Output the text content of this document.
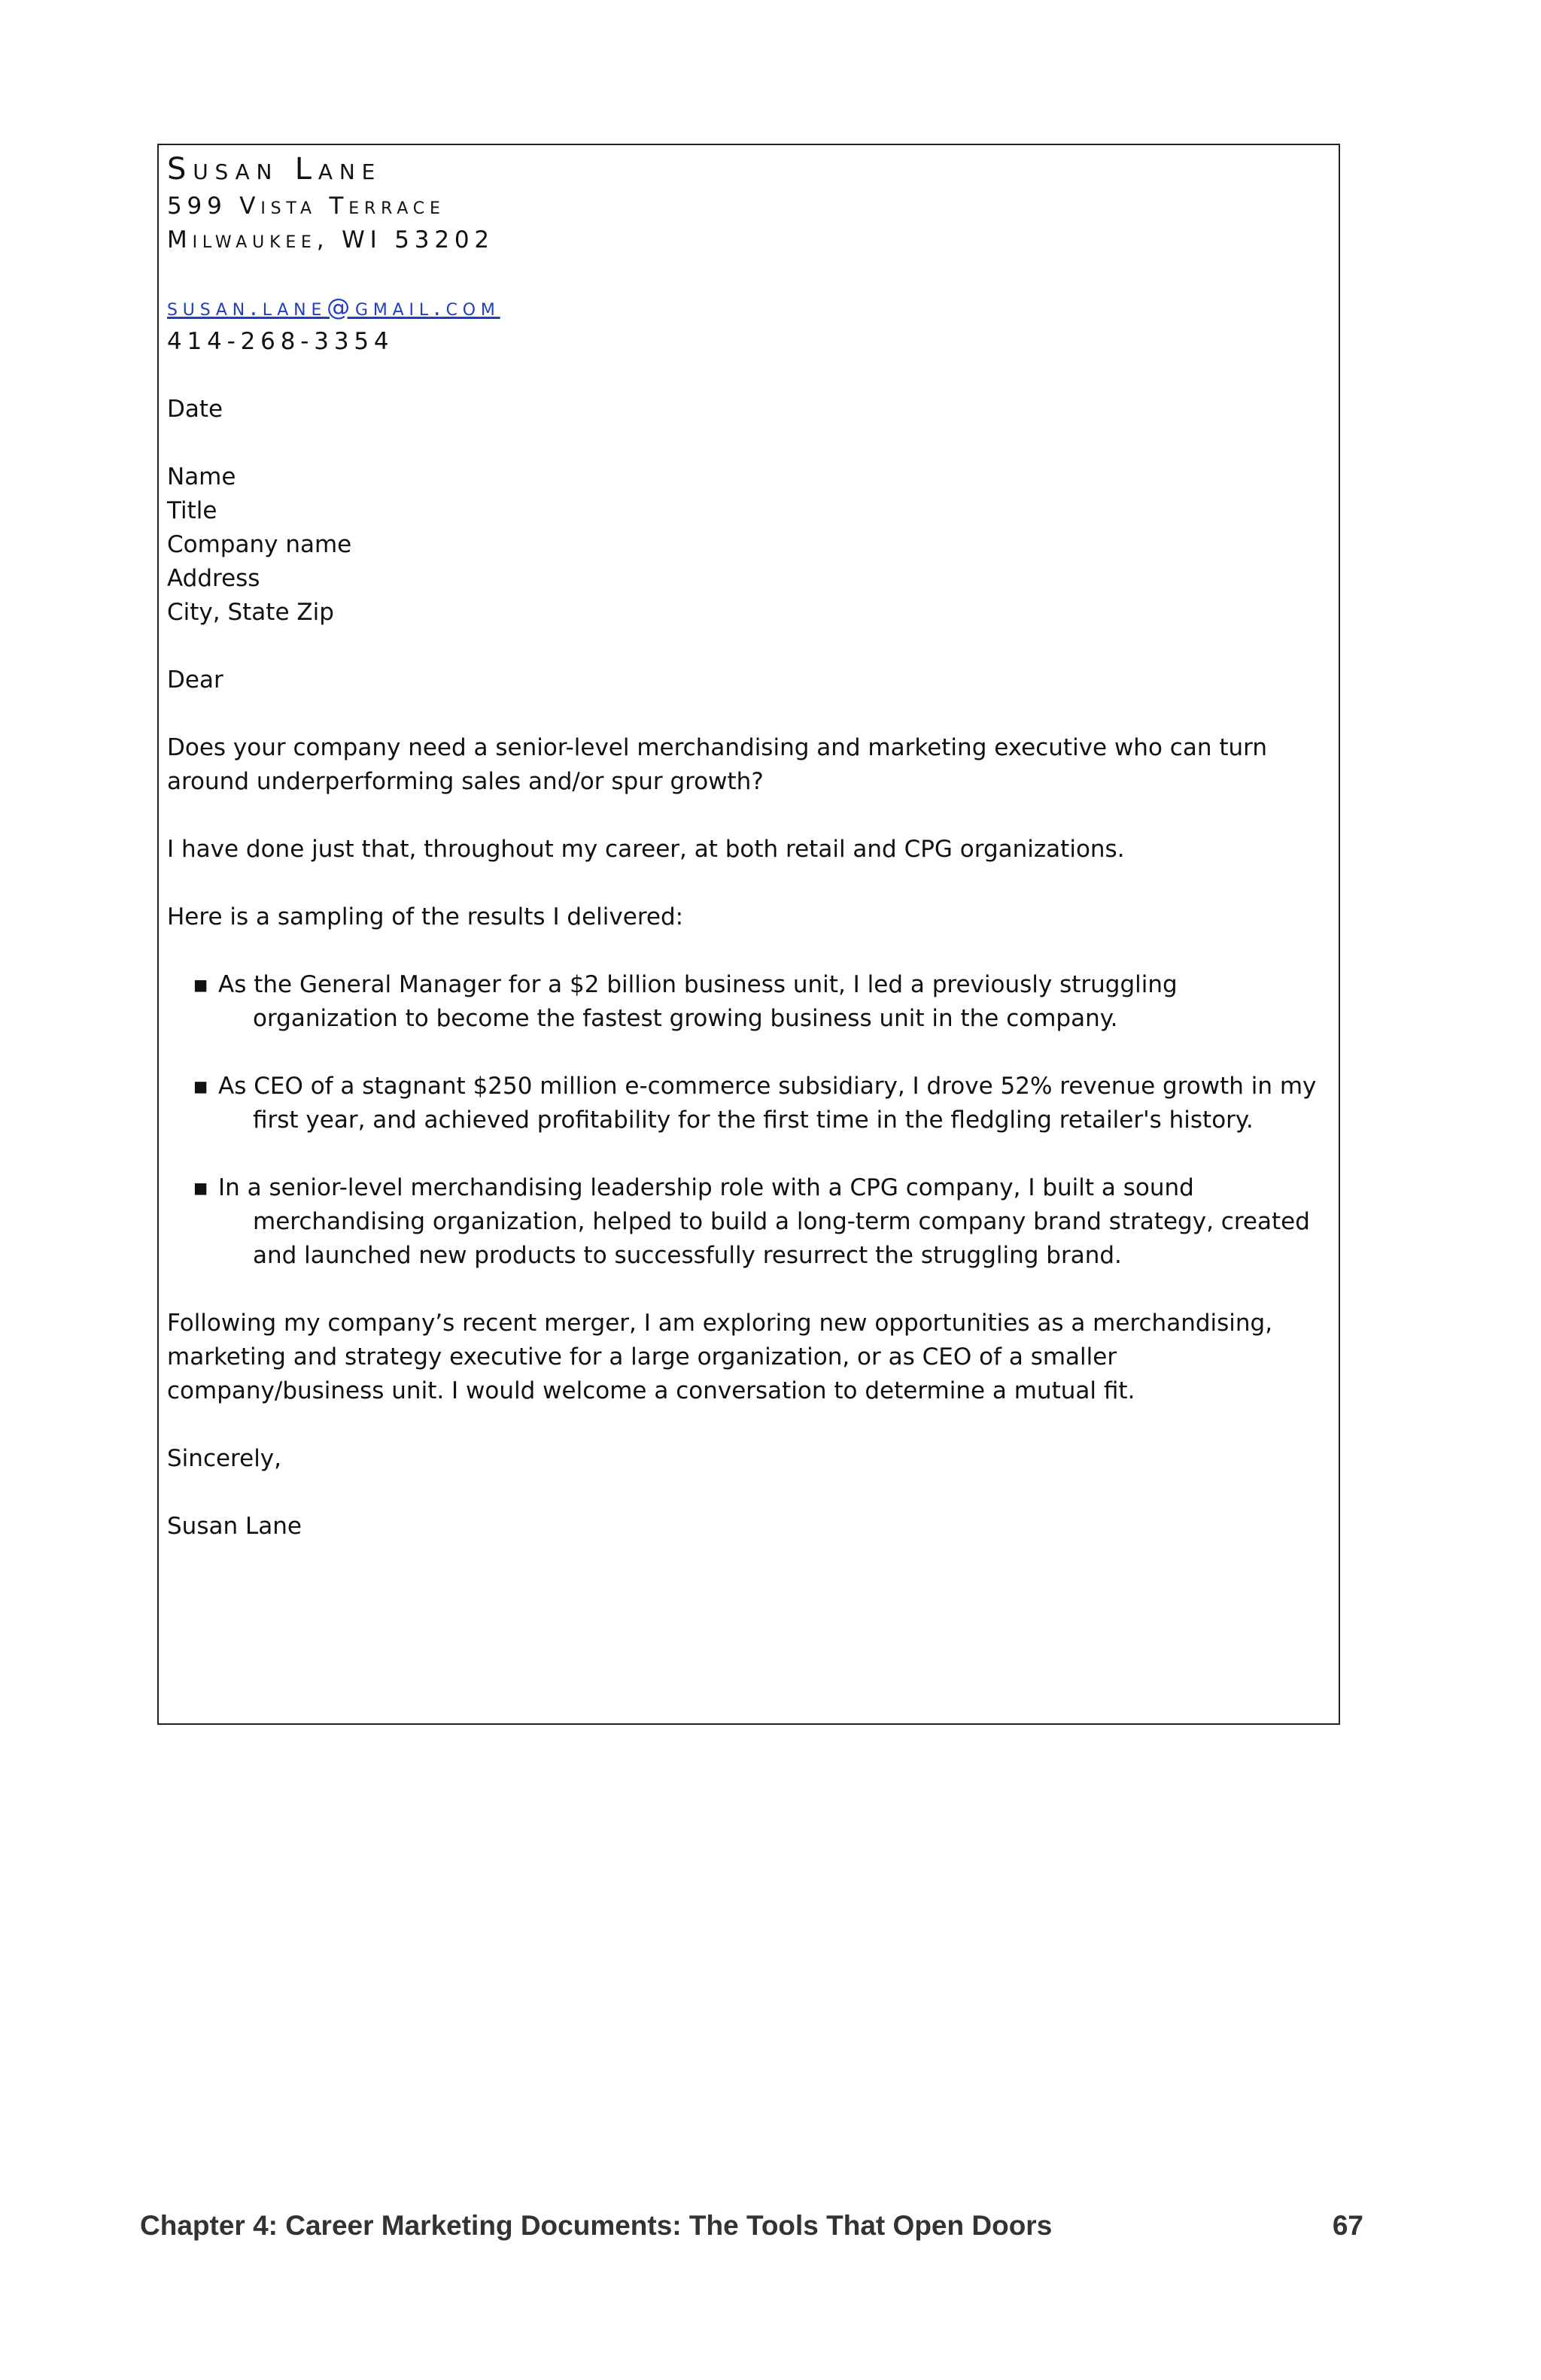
Susan Lane
599 Vista Terrace
Milwaukee, WI 53202
susan.lane@gmail.com
414-268-3354

Date

Name
Title
Company name
Address
City, State Zip

Dear

Does your company need a senior-level merchandising and marketing executive who can turn around underperforming sales and/or spur growth?

I have done just that, throughout my career, at both retail and CPG organizations.

Here is a sampling of the results I delivered:

▪ As the General Manager for a $2 billion business unit, I led a previously struggling organization to become the fastest growing business unit in the company.
▪ As CEO of a stagnant $250 million e-commerce subsidiary, I drove 52% revenue growth in my first year, and achieved profitability for the first time in the fledgling retailer's history.
▪ In a senior-level merchandising leadership role with a CPG company, I built a sound merchandising organization, helped to build a long-term company brand strategy, created and launched new products to successfully resurrect the struggling brand.

Following my company’s recent merger, I am exploring new opportunities as a merchandising, marketing and strategy executive for a large organization, or as CEO of a smaller company/business unit. I would welcome a conversation to determine a mutual fit.

Sincerely,

Susan Lane

Chapter 4: Career Marketing Documents: The Tools That Open Doors	67
